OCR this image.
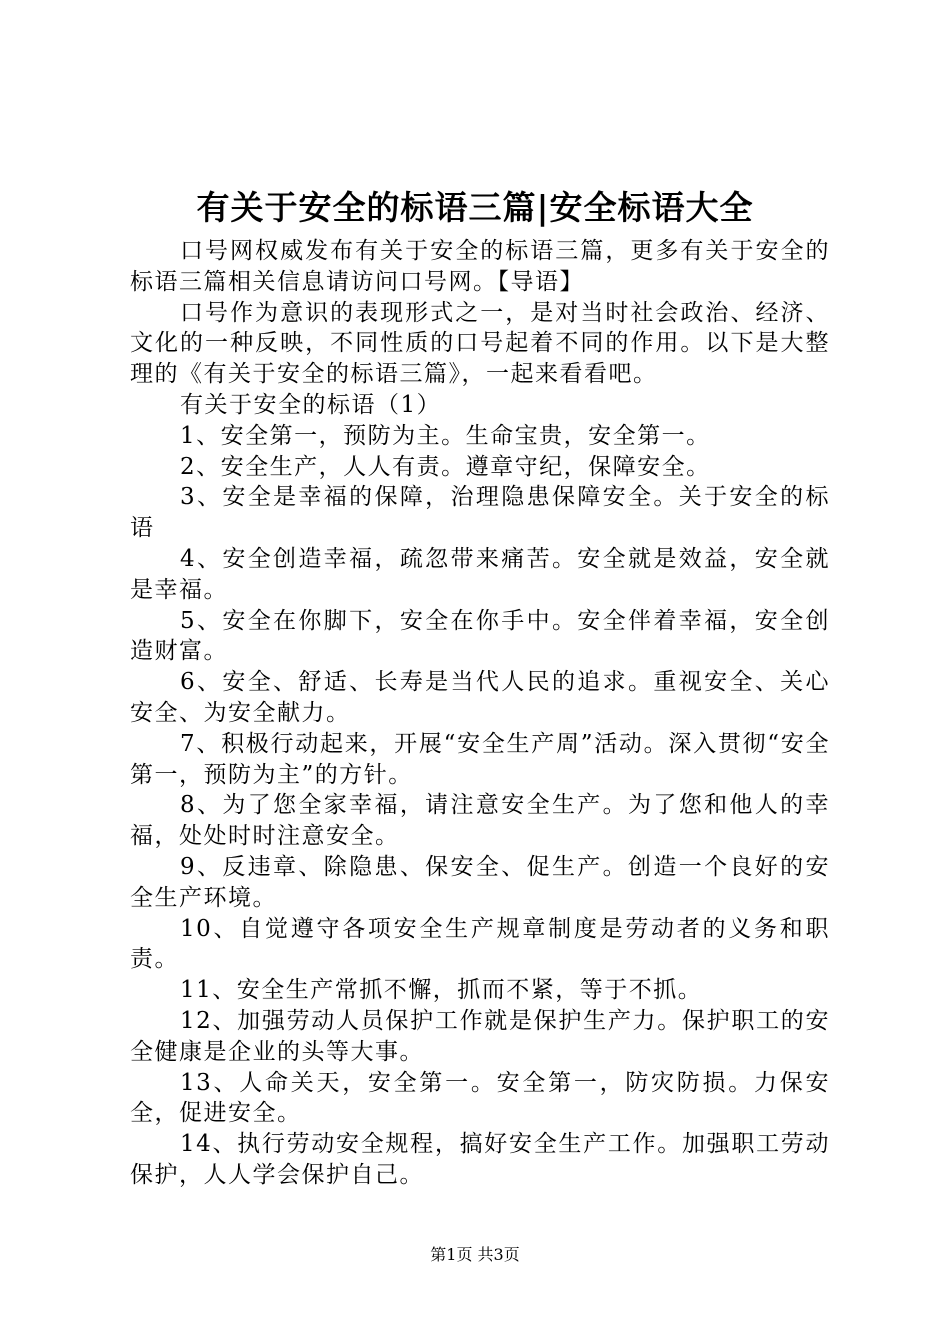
有关于安全的标语三篇|安全标语大全

口号网权威发布有关于安全的标语三篇，更多有关于安全的标语三篇相关信息请访问口号网。【导语】

口号作为意识的表现形式之一，是对当时社会政治、经济、文化的一种反映，不同性质的口号起着不同的作用。以下是大整理的《有关于安全的标语三篇》，一起来看看吧。

有关于安全的标语（1）

1、安全第一，预防为主。生命宝贵，安全第一。

2、安全生产，人人有责。遵章守纪，保障安全。

3、安全是幸福的保障，治理隐患保障安全。关于安全的标语

4、安全创造幸福，疏忽带来痛苦。安全就是效益，安全就是幸福。

5、安全在你脚下，安全在你手中。安全伴着幸福，安全创造财富。

6、安全、舒适、长寿是当代人民的追求。重视安全、关心安全、为安全献力。

7、积极行动起来，开展“安全生产周”活动。深入贯彻“安全第一，预防为主”的方针。

8、为了您全家幸福，请注意安全生产。为了您和他人的幸福，处处时时注意安全。

9、反违章、除隐患、保安全、促生产。创造一个良好的安全生产环境。

10、自觉遵守各项安全生产规章制度是劳动者的义务和职责。

11、安全生产常抓不懈，抓而不紧，等于不抓。

12、加强劳动人员保护工作就是保护生产力。保护职工的安全健康是企业的头等大事。

13、人命关天，安全第一。安全第一，防灾防损。力保安全，促进安全。

14、执行劳动安全规程，搞好安全生产工作。加强职工劳动保护，人人学会保护自己。

第1页 共3页
